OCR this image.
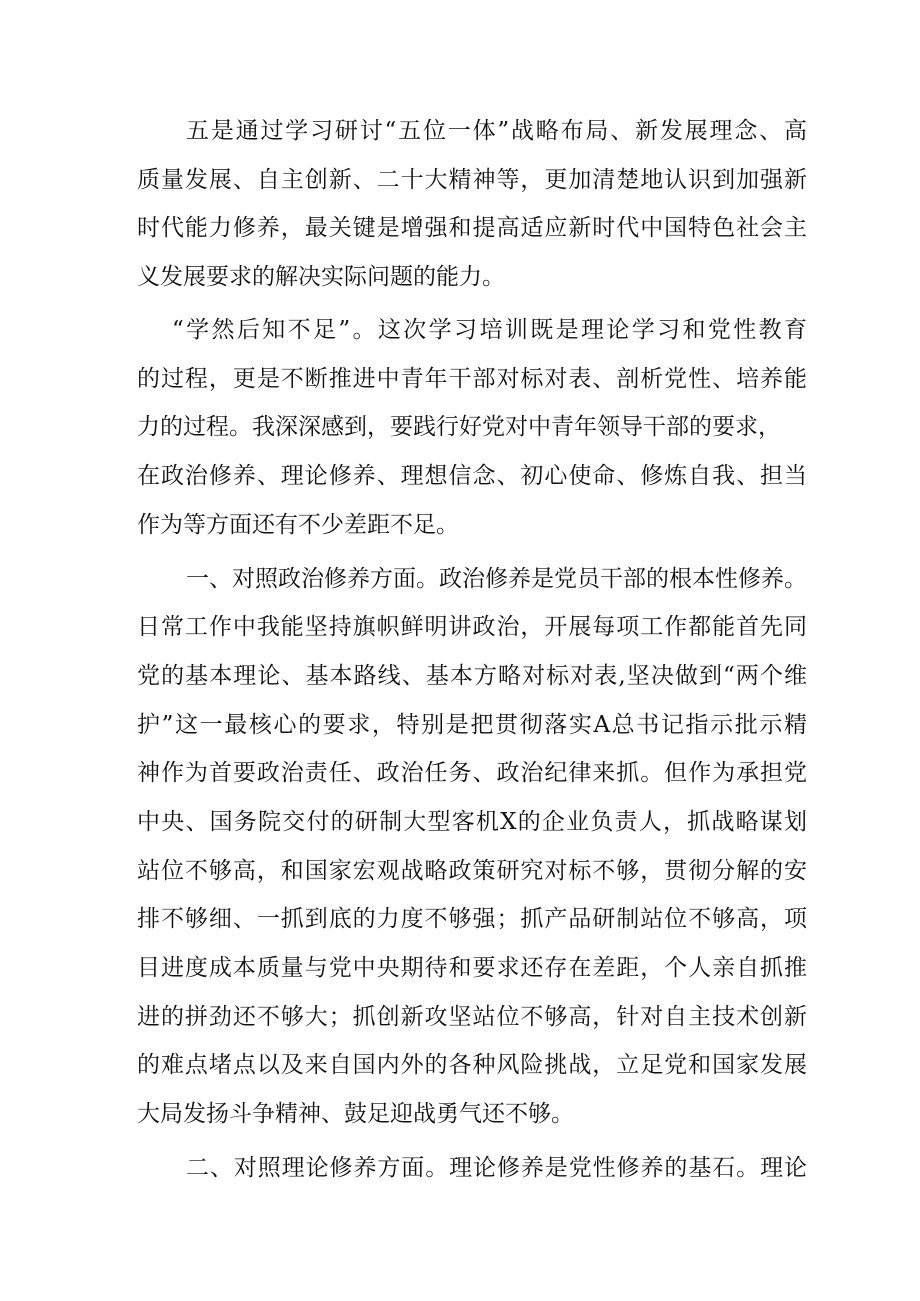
五是通过学习研讨“五位一体”战略布局、新发展理念、高
质量发展、自主创新、二十大精神等，更加清楚地认识到加强新
时代能力修养，最关键是增强和提高适应新时代中国特色社会主
义发展要求的解决实际问题的能力。
“学然后知不足”。这次学习培训既是理论学习和党性教育
的过程，更是不断推进中青年干部对标对表、剖析党性、培养能
力的过程。我深深感到，要践行好党对中青年领导干部的要求，
在政治修养、理论修养、理想信念、初心使命、修炼自我、担当
作为等方面还有不少差距不足。
一、对照政治修养方面。政治修养是党员干部的根本性修养。
日常工作中我能坚持旗帜鲜明讲政治，开展每项工作都能首先同
党的基本理论、基本路线、基本方略对标对表,坚决做到“两个维
护”这一最核心的要求，特别是把贯彻落实A总书记指示批示精
神作为首要政治责任、政治任务、政治纪律来抓。但作为承担党
中央、国务院交付的研制大型客机X的企业负责人，抓战略谋划
站位不够高，和国家宏观战略政策研究对标不够，贯彻分解的安
排不够细、一抓到底的力度不够强；抓产品研制站位不够高，项
目进度成本质量与党中央期待和要求还存在差距，个人亲自抓推
进的拼劲还不够大；抓创新攻坚站位不够高，针对自主技术创新
的难点堵点以及来自国内外的各种风险挑战，立足党和国家发展
大局发扬斗争精神、鼓足迎战勇气还不够。
二、对照理论修养方面。理论修养是党性修养的基石。理论
